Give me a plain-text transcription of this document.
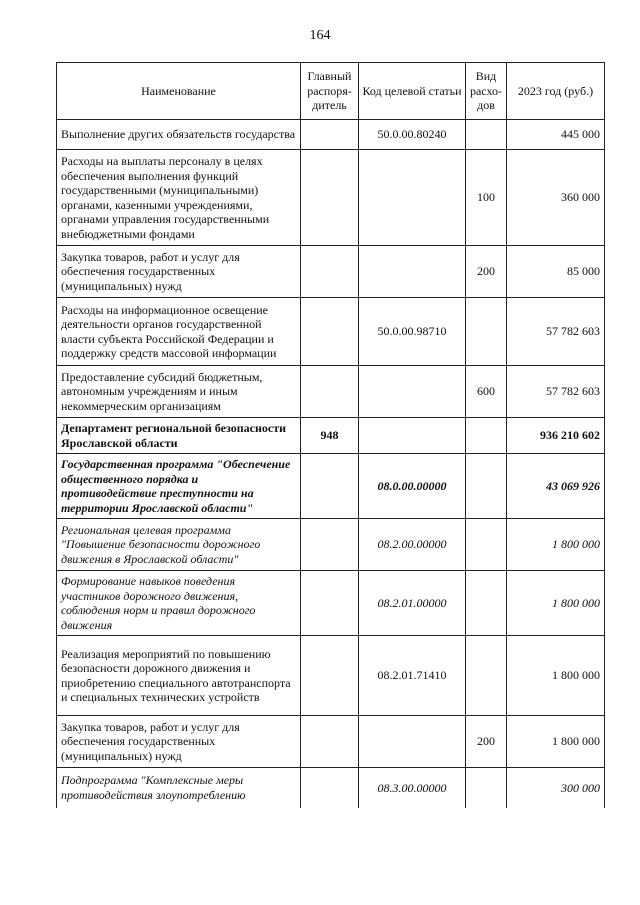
164
Наименование	Главный распоря-дитель	Код целевой статьи	Вид расхо-дов	2023 год (руб.)
Выполнение других обязательств государства		50.0.00.80240		445 000
Расходы на выплаты персоналу в целях обеспечения выполнения функций государственными (муниципальными) органами, казенными учреждениями, органами управления государственными внебюджетными фондами			100	360 000
Закупка товаров, работ и услуг для обеспечения государственных (муниципальных) нужд			200	85 000
Расходы на информационное освещение деятельности органов государственной власти субъекта Российской Федерации и поддержку средств массовой информации		50.0.00.98710		57 782 603
Предоставление субсидий бюджетным, автономным учреждениям и иным некоммерческим организациям			600	57 782 603
Департамент региональной безопасности Ярославской области	948			936 210 602
Государственная программа "Обеспечение общественного порядка и противодействие преступности на территории Ярославской области"		08.0.00.00000		43 069 926
Региональная целевая программа "Повышение безопасности дорожного движения в Ярославской области"		08.2.00.00000		1 800 000
Формирование навыков поведения участников дорожного движения, соблюдения норм и правил дорожного движения		08.2.01.00000		1 800 000
Реализация мероприятий по повышению безопасности дорожного движения и приобретению специального автотранспорта и специальных технических устройств		08.2.01.71410		1 800 000
Закупка товаров, работ и услуг для обеспечения государственных (муниципальных) нужд			200	1 800 000
Подпрограмма "Комплексные меры противодействия злоупотреблению		08.3.00.00000		300 000
